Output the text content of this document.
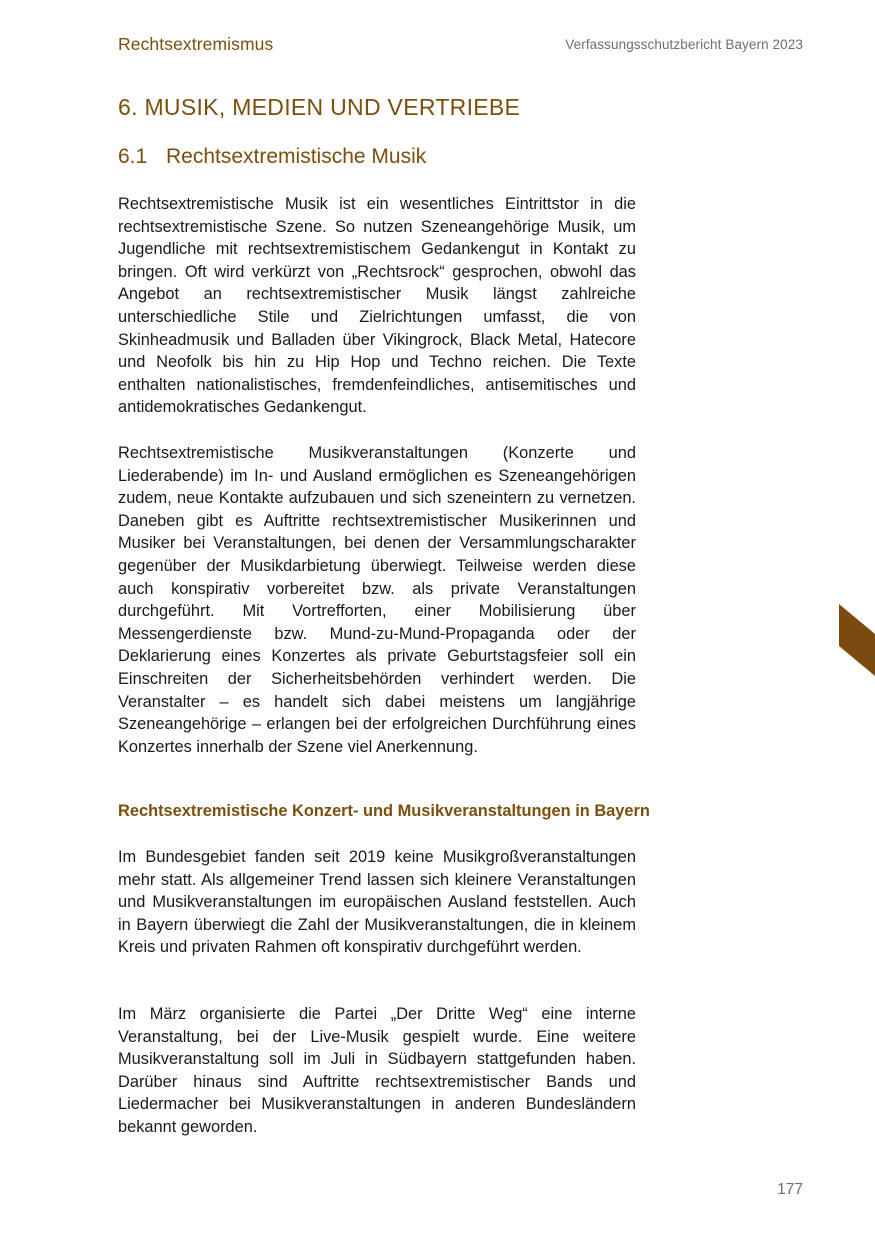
Rechtsextremismus	Verfassungsschutzbericht Bayern 2023
6. MUSIK, MEDIEN UND VERTRIEBE
6.1 Rechtsextremistische Musik

Rechtsextremistische Musik ist ein wesentliches Eintrittstor in die rechtsextremistische Szene. So nutzen Szeneangehörige Musik, um Jugendliche mit rechtsextremistischem Gedankengut in Kontakt zu bringen. Oft wird verkürzt von „Rechtsrock“ gesprochen, obwohl das Angebot an rechtsextremistischer Musik längst zahlreiche unterschiedliche Stile und Zielrichtungen umfasst, die von Skinheadmusik und Balladen über Vikingrock, Black Metal, Hatecore und Neofolk bis hin zu Hip Hop und Techno reichen. Die Texte enthalten nationalistisches, fremdenfeindliches, antisemitisches und antidemokratisches Gedankengut.

Rechtsextremistische Musikveranstaltungen (Konzerte und Liederabende) im In- und Ausland ermöglichen es Szeneangehörigen zudem, neue Kontakte aufzubauen und sich szeneintern zu vernetzen. Daneben gibt es Auftritte rechtsextremistischer Musikerinnen und Musiker bei Veranstaltungen, bei denen der Versammlungscharakter gegenüber der Musikdarbietung überwiegt. Teilweise werden diese auch konspirativ vorbereitet bzw. als private Veranstaltungen durchgeführt. Mit Vortrefforten, einer Mobilisierung über Messengerdienste bzw. Mund-zu-Mund-Propaganda oder der Deklarierung eines Konzertes als private Geburtstagsfeier soll ein Einschreiten der Sicherheitsbehörden verhindert werden. Die Veranstalter – es handelt sich dabei meistens um langjährige Szeneangehörige – erlangen bei der erfolgreichen Durchführung eines Konzertes innerhalb der Szene viel Anerkennung.

Rechtsextremistische Konzert- und Musikveranstaltungen in Bayern

Im Bundesgebiet fanden seit 2019 keine Musikgroßveranstaltungen mehr statt. Als allgemeiner Trend lassen sich kleinere Veranstaltungen und Musikveranstaltungen im europäischen Ausland feststellen. Auch in Bayern überwiegt die Zahl der Musikveranstaltungen, die in kleinem Kreis und privaten Rahmen oft konspirativ durchgeführt werden.

Im März organisierte die Partei „Der Dritte Weg“ eine interne Veranstaltung, bei der Live-Musik gespielt wurde. Eine weitere Musikveranstaltung soll im Juli in Südbayern stattgefunden haben. Darüber hinaus sind Auftritte rechtsextremistischer Bands und Liedermacher bei Musikveranstaltungen in anderen Bundesländern bekannt geworden.

177
